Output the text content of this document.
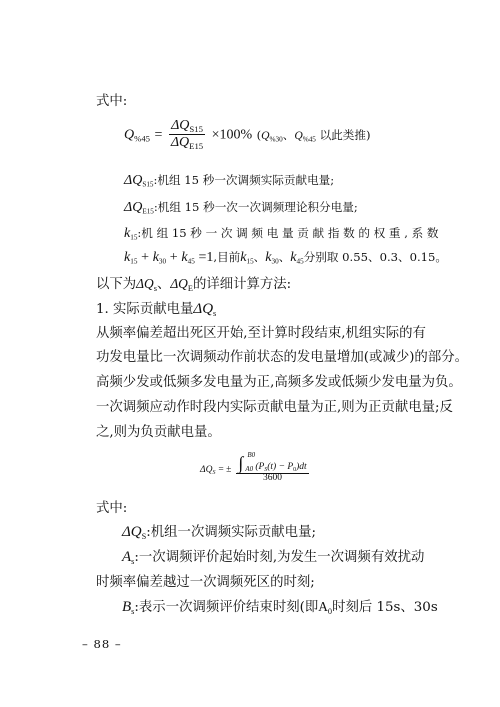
式中:
$Q_{\%45} = \frac{\Delta Q_{S15}}{\Delta Q_{E15}} \times 100\%$ ($Q_{\%30}$、$Q_{\%45}$ 以此类推)
$\Delta Q_{S15}$:机组 15 秒一次调频实际贡献电量;
$\Delta Q_{E15}$:机组 15 秒一次一次调频理论积分电量;
$k_{15}$:机 组 15 秒 一 次 调 频 电 量 贡 献 指 数 的 权 重 , 系 数
$k_{15} + k_{30} + k_{45} =1$,目前$k_{15}$、$k_{30}$、$k_{45}$分别取 0.55、0.3、0.15。
以下为$\Delta Q_s$、$\Delta Q_E$的详细计算方法:
1. 实际贡献电量$\Delta Q_s$
从频率偏差超出死区开始,至计算时段结束,机组实际的有
功发电量比一次调频动作前状态的发电量增加(或减少)的部分。
高频少发或低频多发电量为正,高频多发或低频少发电量为负。
一次调频应动作时段内实际贡献电量为正,则为正贡献电量;反
之,则为负贡献电量。
$\Delta Q_S$ = ± ∫ B0
A0 $(P_S(t) - P_0)dt$
3600
式中:
$\Delta Q_S$:机组一次调频实际贡献电量;
$A_s$:一次调频评价起始时刻,为发生一次调频有效扰动
时频率偏差越过一次调频死区的时刻;
$B_s$:表示一次调频评价结束时刻(即$A_0$时刻后 15s、30s
– 88 –
